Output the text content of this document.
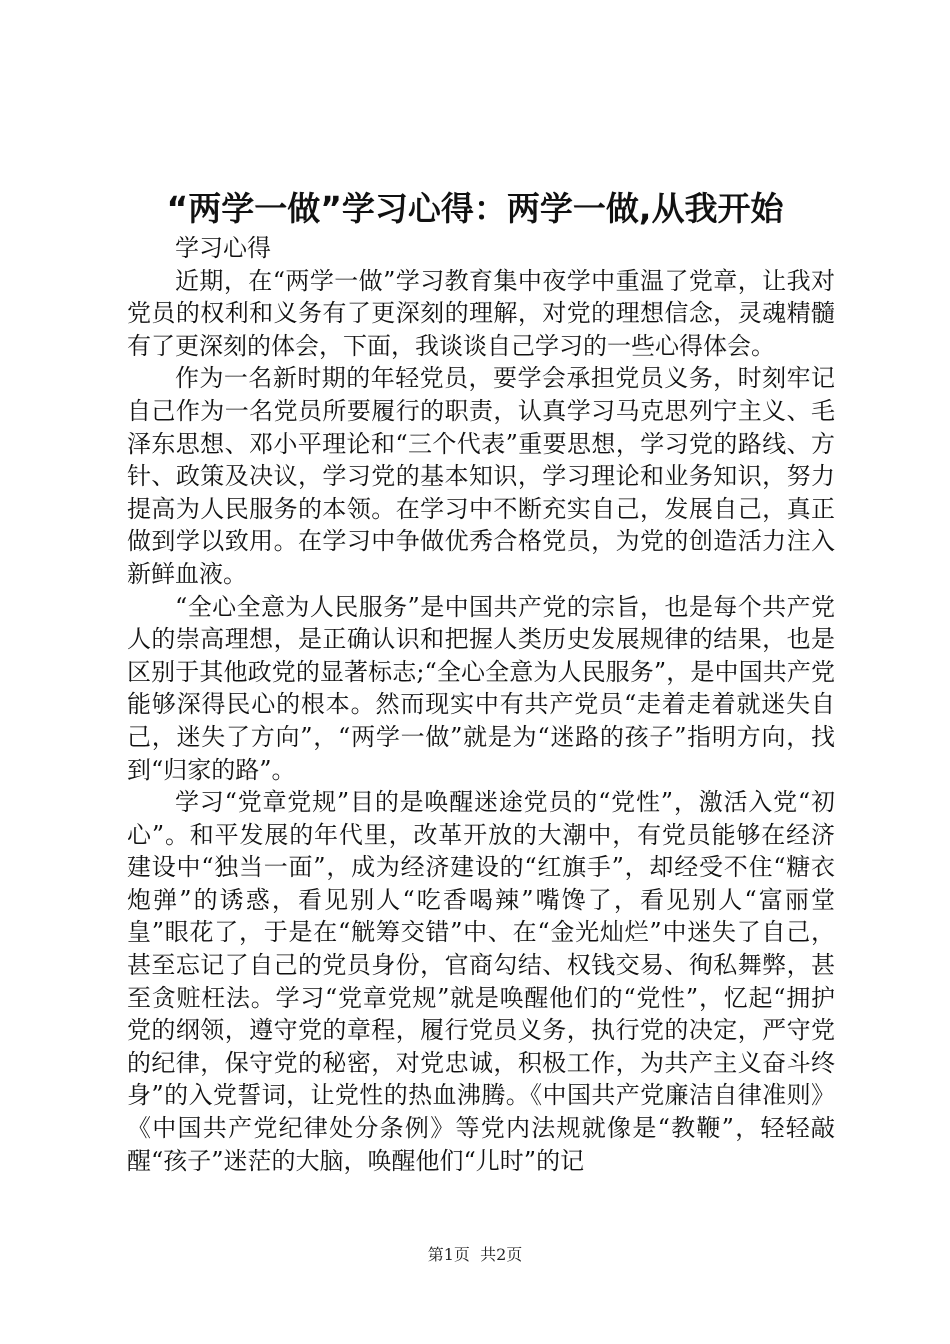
“两学一做”学习心得：两学一做,从我开始

学习心得

近期，在“两学一做”学习教育集中夜学中重温了党章，让我对党员的权利和义务有了更深刻的理解，对党的理想信念，灵魂精髓有了更深刻的体会，下面，我谈谈自己学习的一些心得体会。

作为一名新时期的年轻党员，要学会承担党员义务，时刻牢记自己作为一名党员所要履行的职责，认真学习马克思列宁主义、毛泽东思想、邓小平理论和“三个代表”重要思想，学习党的路线、方针、政策及决议，学习党的基本知识，学习理论和业务知识，努力提高为人民服务的本领。在学习中不断充实自己，发展自己，真正做到学以致用。在学习中争做优秀合格党员，为党的创造活力注入新鲜血液。

“全心全意为人民服务”是中国共产党的宗旨，也是每个共产党人的崇高理想，是正确认识和把握人类历史发展规律的结果，也是区别于其他政党的显著标志;“全心全意为人民服务”，是中国共产党能够深得民心的根本。然而现实中有共产党员“走着走着就迷失自己，迷失了方向”，“两学一做”就是为“迷路的孩子”指明方向，找到“归家的路”。

学习“党章党规”目的是唤醒迷途党员的“党性”，激活入党“初心”。和平发展的年代里，改革开放的大潮中，有党员能够在经济建设中“独当一面”，成为经济建设的“红旗手”，却经受不住“糖衣炮弹”的诱惑，看见别人“吃香喝辣”嘴馋了，看见别人“富丽堂皇”眼花了，于是在“觥筹交错”中、在“金光灿烂”中迷失了自己，甚至忘记了自己的党员身份，官商勾结、权钱交易、徇私舞弊，甚至贪赃枉法。学习“党章党规”就是唤醒他们的“党性”，忆起“拥护党的纲领，遵守党的章程，履行党员义务，执行党的决定，严守党的纪律，保守党的秘密，对党忠诚，积极工作，为共产主义奋斗终身”的入党誓词，让党性的热血沸腾。《中国共产党廉洁自律准则》《中国共产党纪律处分条例》等党内法规就像是“教鞭”，轻轻敲醒“孩子”迷茫的大脑，唤醒他们“儿时”的记

第1页  共2页
